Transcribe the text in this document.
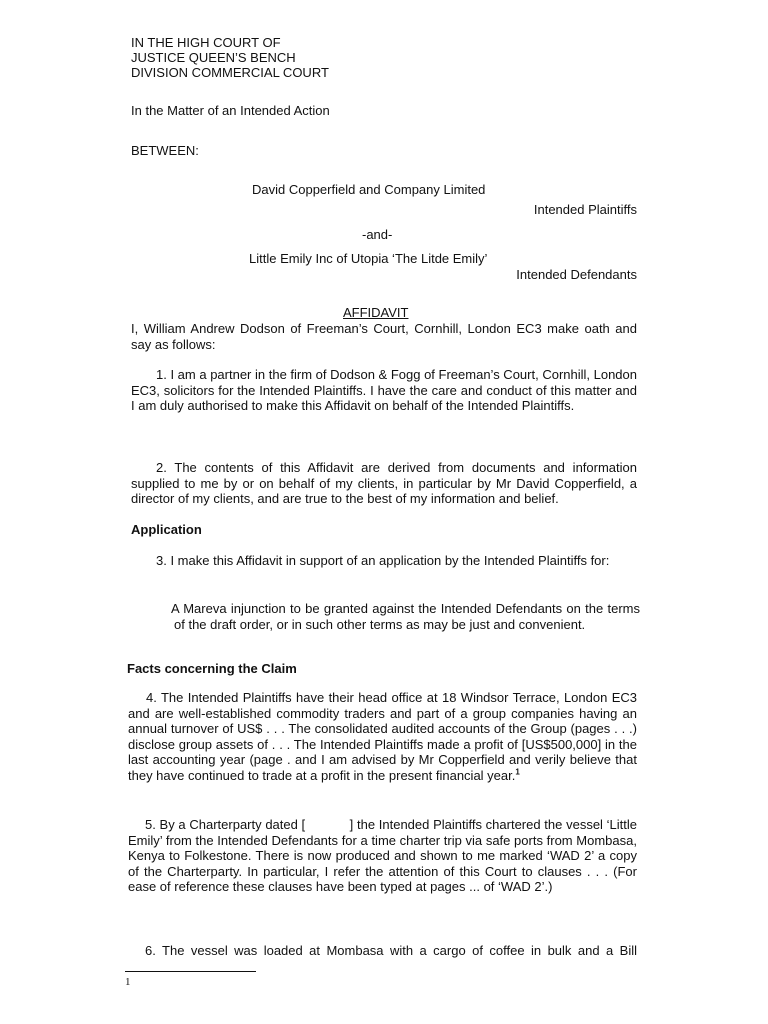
IN THE HIGH COURT OF
JUSTICE QUEEN’S BENCH
DIVISION COMMERCIAL COURT
In the Matter of an Intended Action
BETWEEN:
David Copperfield and Company Limited
Intended Plaintiffs
-and-
Little Emily Inc of Utopia ‘The Litde Emily’
Intended Defendants
AFFIDAVIT
I, William Andrew Dodson of Freeman’s Court, Cornhill, London EC3 make oath and say as follows:
1. I am a partner in the firm of Dodson & Fogg of Freeman’s Court, Cornhill, London EC3, solicitors for the Intended Plaintiffs. I have the care and conduct of this matter and I am duly authorised to make this Affidavit on behalf of the Intended Plaintiffs.
2. The contents of this Affidavit are derived from documents and information supplied to me by or on behalf of my clients, in particular by Mr David Copperfield, a director of my clients, and are true to the best of my information and belief.
Application
3. I make this Affidavit in support of an application by the Intended Plaintiffs for:
A Mareva injunction to be granted against the Intended Defendants on the terms of the draft order, or in such other terms as may be just and convenient.
Facts concerning the Claim
4. The Intended Plaintiffs have their head office at 18 Windsor Terrace, London EC3 and are well-established commodity traders and part of a group companies having an annual turnover of US$ . . . The consolidated audited accounts of the Group (pages . . .) disclose group assets of . . . The Intended Plaintiffs made a profit of [US$500,000] in the last accounting year (page . and I am advised by Mr Copperfield and verily believe that they have continued to trade at a profit in the present financial year.$^1$
5. By a Charterparty dated [            ] the Intended Plaintiffs chartered the vessel ‘Little Emily’ from the Intended Defendants for a time charter trip via safe ports from Mombasa, Kenya to Folkestone. There is now produced and shown to me marked ‘WAD 2’ a copy of the Charterparty. In particular, I refer the attention of this Court to clauses . . . (For ease of reference these clauses have been typed at pages ... of ‘WAD 2’.)
6. The vessel was loaded at Mombasa with a cargo of coffee in bulk and a Bill
1
